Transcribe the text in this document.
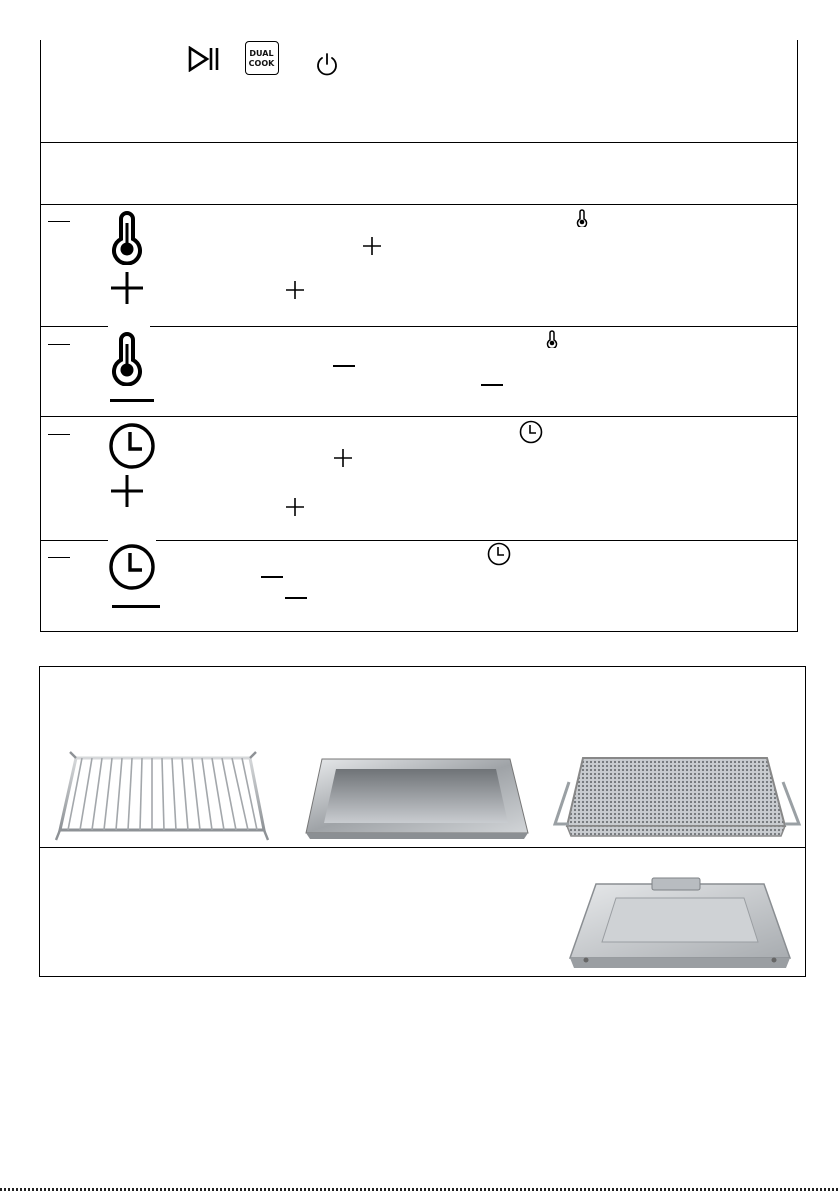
DUAL
COOK
